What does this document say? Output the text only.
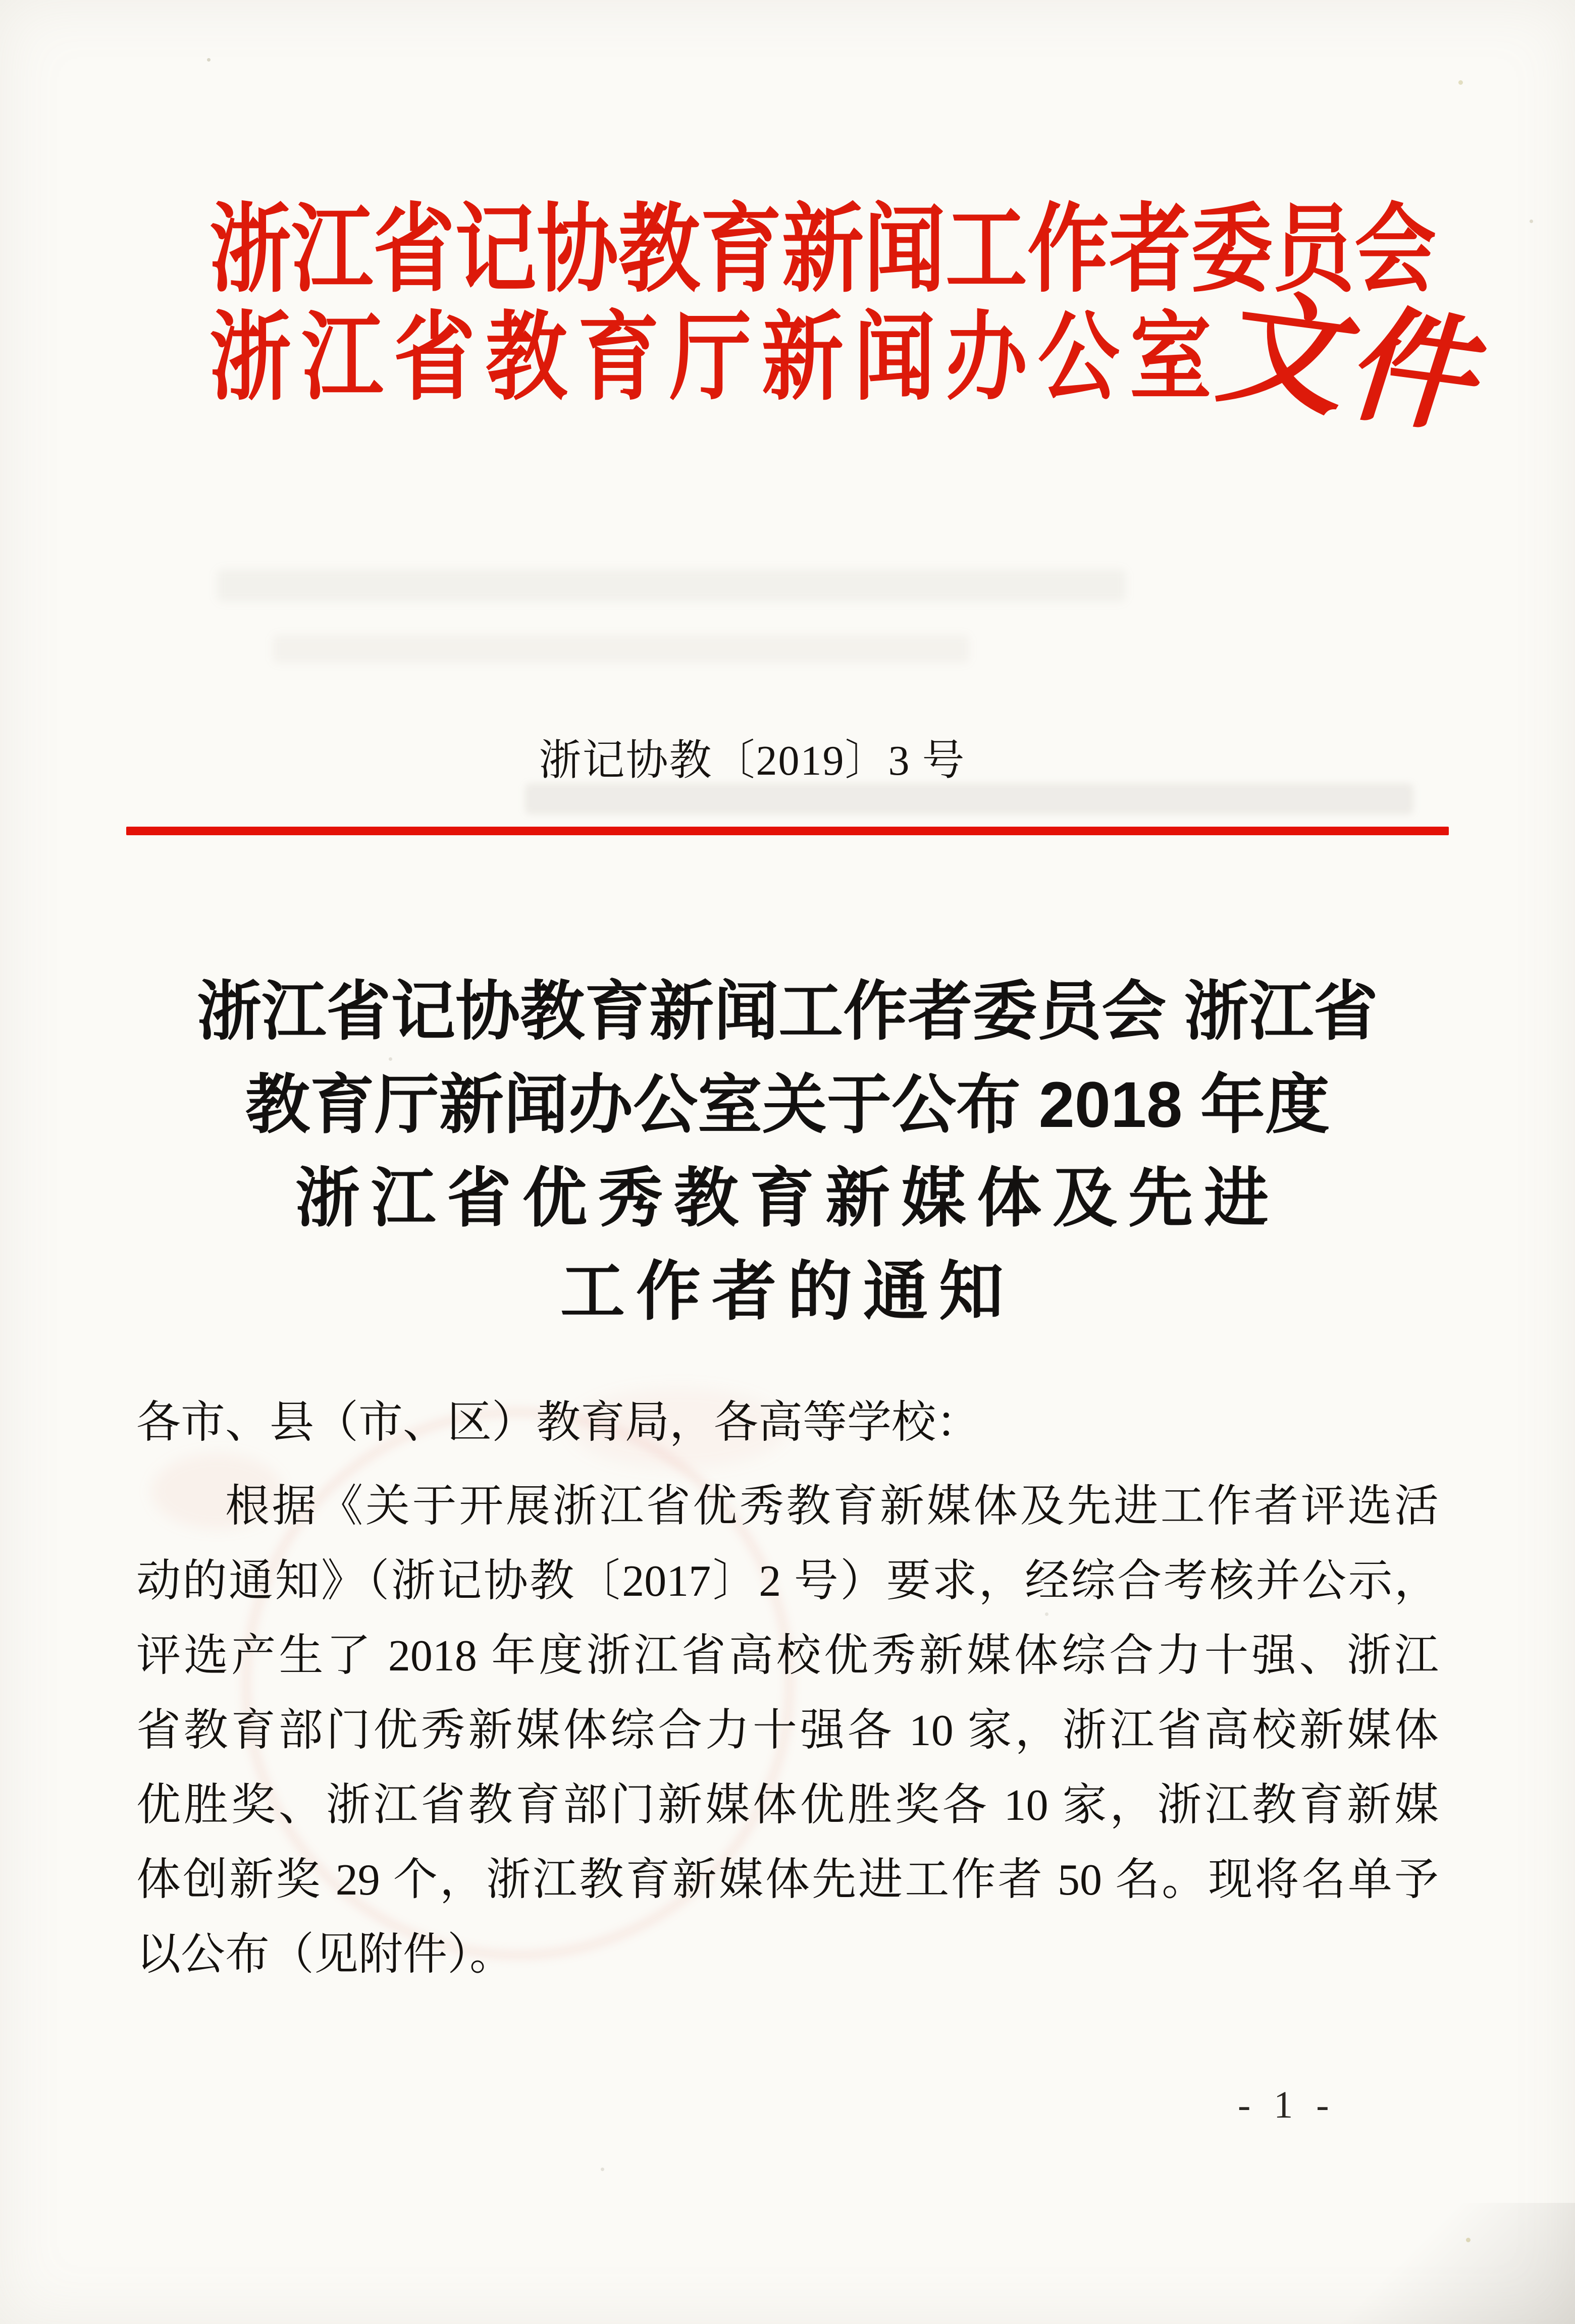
浙江省记协教育新闻工作者委员会
浙江省教育厅新闻办公室
文件
浙记协教〔2019〕3 号
浙江省记协教育新闻工作者委员会 浙江省
教育厅新闻办公室关于公布 2018 年度
浙江省优秀教育新媒体及先进
工作者的通知
各市、县（市、区）教育局，各高等学校：
根据《关于开展浙江省优秀教育新媒体及先进工作者评选活
动的通知》（浙记协教〔2017〕2 号）要求，经综合考核并公示，
评选产生了 2018 年度浙江省高校优秀新媒体综合力十强、浙江
省教育部门优秀新媒体综合力十强各 10 家，浙江省高校新媒体
优胜奖、浙江省教育部门新媒体优胜奖各 10 家，浙江教育新媒
体创新奖 29 个，浙江教育新媒体先进工作者 50 名。现将名单予
以公布（见附件）。
- 1 -
